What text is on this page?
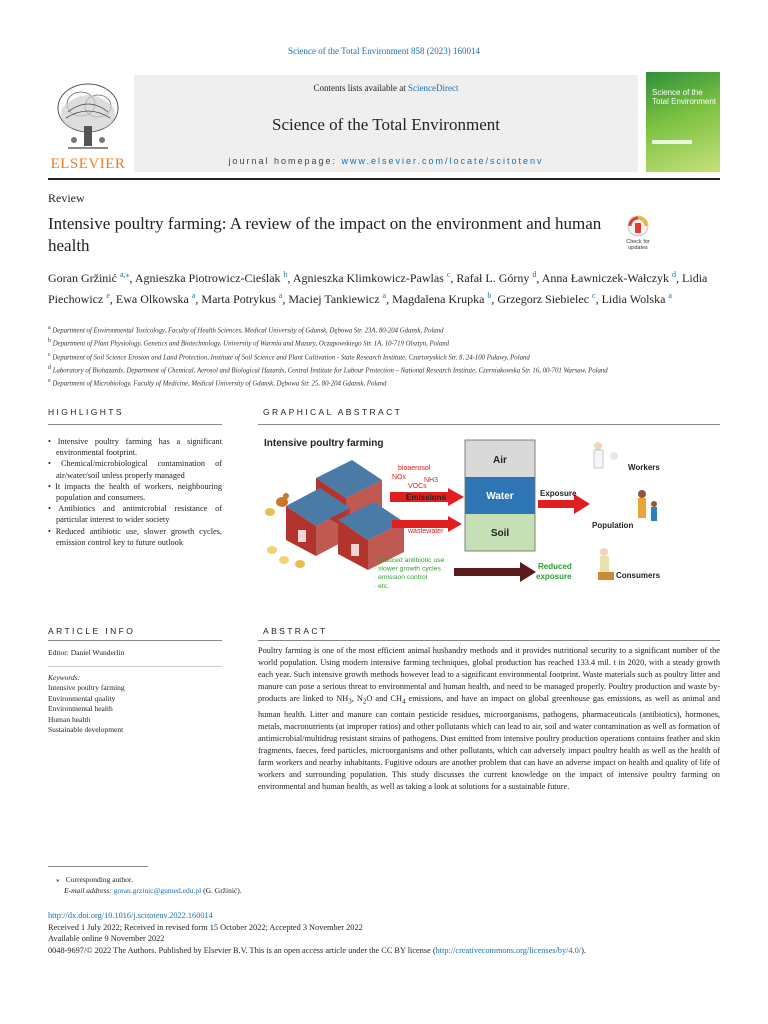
Science of the Total Environment 858 (2023) 160014
ELSEVIER
Contents lists available at ScienceDirect
Science of the Total Environment
journal homepage: www.elsevier.com/locate/scitotenv
Science of the Total Environment
Review
Intensive poultry farming: A review of the impact on the environment and human health	Check for updates
Goran Gržinić $^{a,⁎}$, Agnieszka Piotrowicz-Cieślak $^b$, Agnieszka Klimkowicz-Pawlas $^c$, Rafał L. Górny $^d$, Anna Ławniczek-Wałczyk $^d$, Lidia Piechowicz $^e$, Ewa Olkowska $^a$, Marta Potrykus $^a$, Maciej Tankiewicz $^a$, Magdalena Krupka $^b$, Grzegorz Siebielec $^c$, Lidia Wolska $^a$
$^a$ Department of Environmental Toxicology, Faculty of Health Sciences, Medical University of Gdansk, Dębowa Str. 23A, 80-204 Gdansk, Poland
$^b$ Department of Plant Physiology, Genetics and Biotechnology, University of Warmia and Mazury, Oczapowskiego Str. 1A, 10-719 Olsztyn, Poland
$^c$ Department of Soil Science Erosion and Land Protection, Institute of Soil Science and Plant Cultivation - State Research Institute, Czartoryskich Str. 8, 24-100 Puławy, Poland
$^d$ Laboratory of Biohazards, Department of Chemical, Aerosol and Biological Hazards, Central Institute for Labour Protection – National Research Institute, Czerniakowska Str. 16, 00-701 Warsaw, Poland
$^e$ Department of Microbiology, Faculty of Medicine, Medical University of Gdansk, Dębowa Str. 25, 80-204 Gdansk, Poland
HIGHLIGHTS	GRAPHICAL ABSTRACT
• Intensive poultry farming has a significant environmental footprint.
• Chemical/microbiological contamination of air/water/soil unless properly managed
• It impacts the health of workers, neighbouring population and consumers.
• Antibiotics and antimicrobial resistance of particular interest to wider society
• Reduced antibiotic use, slower growth cycles, emission control key to future outlook
Intensive poultry farming
bioaerosol
NOx	NH3
VOCs
Emissions
wastewater
Air
Water
Soil
Exposure
Workers
Population
Consumers
· reduced antibiotic use
· slower growth cycles
· emission control
· etc.
Reduced
exposure
ARTICLE INFO	ABSTRACT
Editor: Daniel Wunderlin
Keywords:
Intensive poultry farming
Environmental quality
Environmental health
Human health
Sustainable development
Poultry farming is one of the most efficient animal husbandry methods and it provides nutritional security to a significant number of the world population. Using modern intensive farming techniques, global production has reached 133.4 mil. t in 2020, with a steady growth each year. Such intensive growth methods however lead to a significant environmental footprint. Waste materials such as poultry litter and manure can pose a serious threat to environmental and human health, and need to be managed properly. Poultry production and waste by-products are linked to $NH_3$, $N_2O$ and $CH_4$ emissions, and have an impact on global greenhouse gas emissions, as well as animal and human health. Litter and manure can contain pesticide residues, microorganisms, pathogens, pharmaceuticals (antibiotics), hormones, metals, macronutrients (at improper ratios) and other pollutants which can lead to air, soil and water contamination as well as formation of antimicrobial/multidrug resistant strains of pathogens. Dust emitted from intensive poultry production operations contains feather and skin fragments, faeces, feed particles, microorganisms and other pollutants, which can adversely impact poultry health as well as the health of farm workers and nearby inhabitants. Fugitive odours are another problem that can have an adverse impact on health and quality of life of workers and surrounding population. This study discusses the current knowledge on the impact of intensive poultry farming on environmental and human health, as well as taking a look at solutions for a sustainable future.
⁎ Corresponding author.
E-mail address: goran.grzinic@gumed.edu.pl (G. Gržinić).
http://dx.doi.org/10.1016/j.scitotenv.2022.160014
Received 1 July 2022; Received in revised form 15 October 2022; Accepted 3 November 2022
Available online 9 November 2022
0048-9697/© 2022 The Authors. Published by Elsevier B.V. This is an open access article under the CC BY license (http://creativecommons.org/licenses/by/4.0/).
